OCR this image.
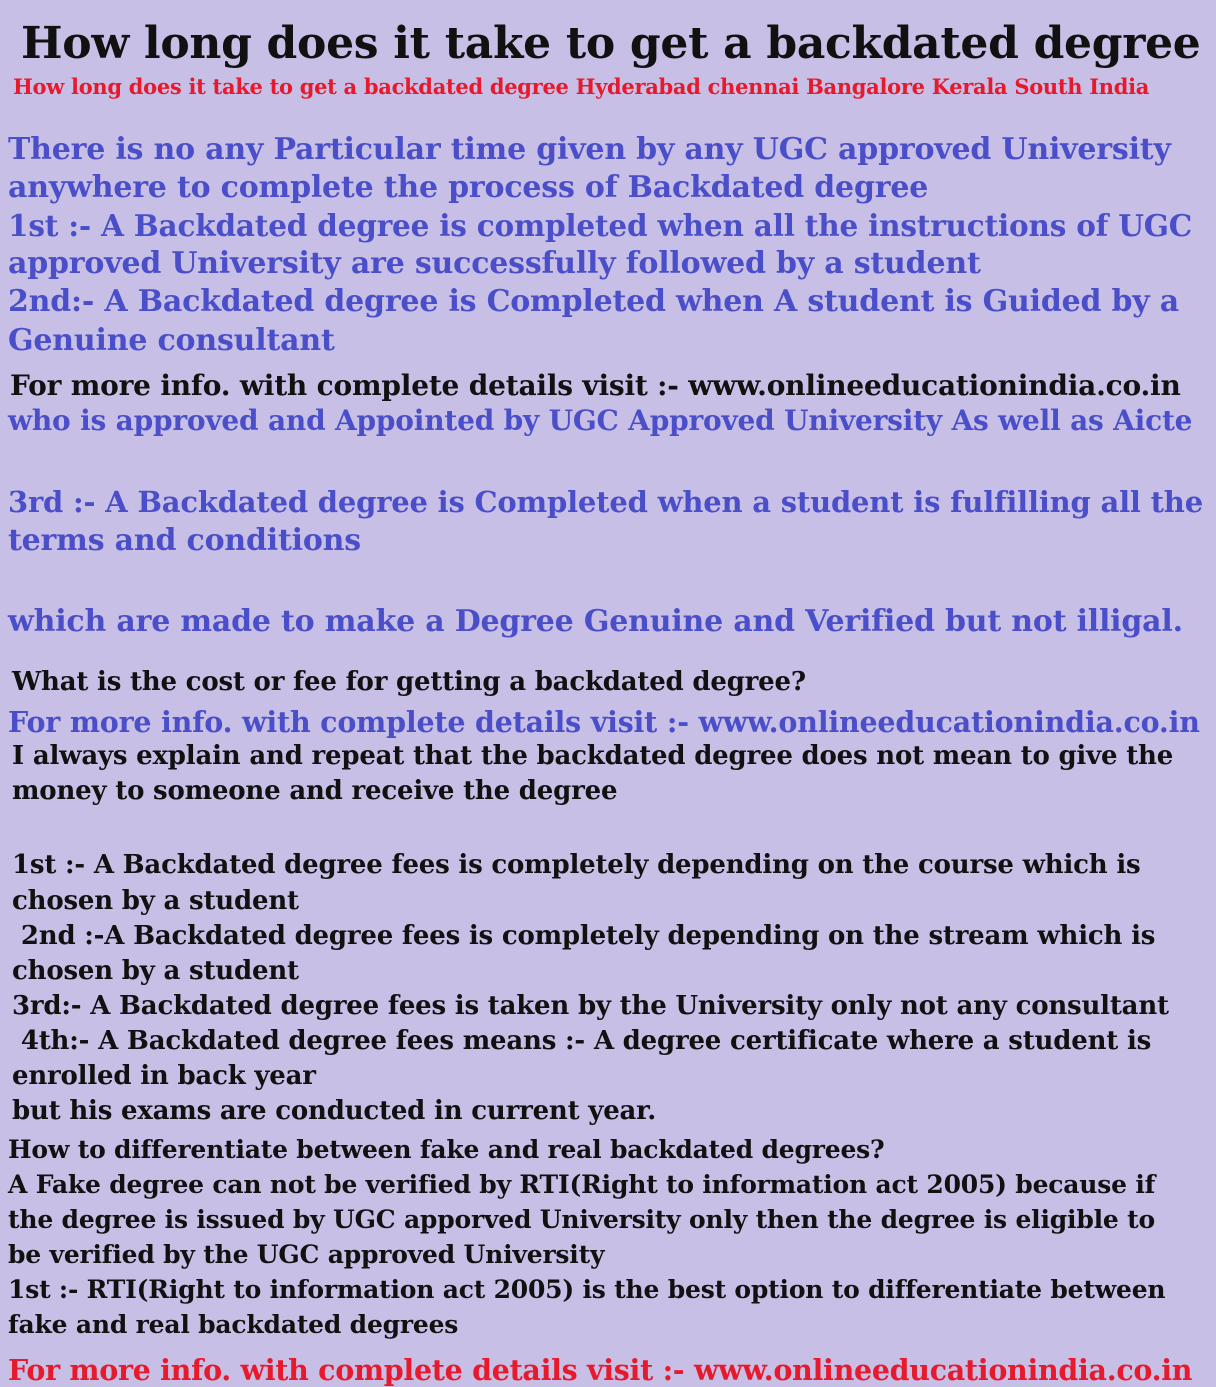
How long does it take to get a backdated degree

How long does it take to get a backdated degree Hyderabad chennai Bangalore Kerala South India

There is no any Particular time given by any UGC approved University

anywhere to complete the process of Backdated degree

1st :- A Backdated degree is completed when all the instructions of UGC

approved University are successfully followed by a student

2nd:- A Backdated degree is Completed when A student is Guided by a

Genuine consultant

For more info. with complete details visit :- www.onlineeducationindia.co.in

who is approved and Appointed by UGC Approved University As well as Aicte

3rd :- A Backdated degree is Completed when a student is fulfilling all the

terms and conditions

which are made to make a Degree Genuine and Verified but not illigal.

What is the cost or fee for getting a backdated degree?

For more info. with complete details visit :- www.onlineeducationindia.co.in

I always explain and repeat that the backdated degree does not mean to give the

money to someone and receive the degree

1st :- A Backdated degree fees is completely depending on the course which is

chosen by a student

2nd :-A Backdated degree fees is completely depending on the stream which is

chosen by a student

3rd:- A Backdated degree fees is taken by the University only not any consultant

4th:- A Backdated degree fees means :- A degree certificate where a student is

enrolled in back year

but his exams are conducted in current year.

How to differentiate between fake and real backdated degrees?

A Fake degree can not be verified by RTI(Right to information act 2005) because if

the degree is issued by UGC apporved University only then the degree is eligible to

be verified by the UGC approved University

1st :- RTI(Right to information act 2005) is the best option to differentiate between

fake and real backdated degrees

For more info. with complete details visit :- www.onlineeducationindia.co.in
